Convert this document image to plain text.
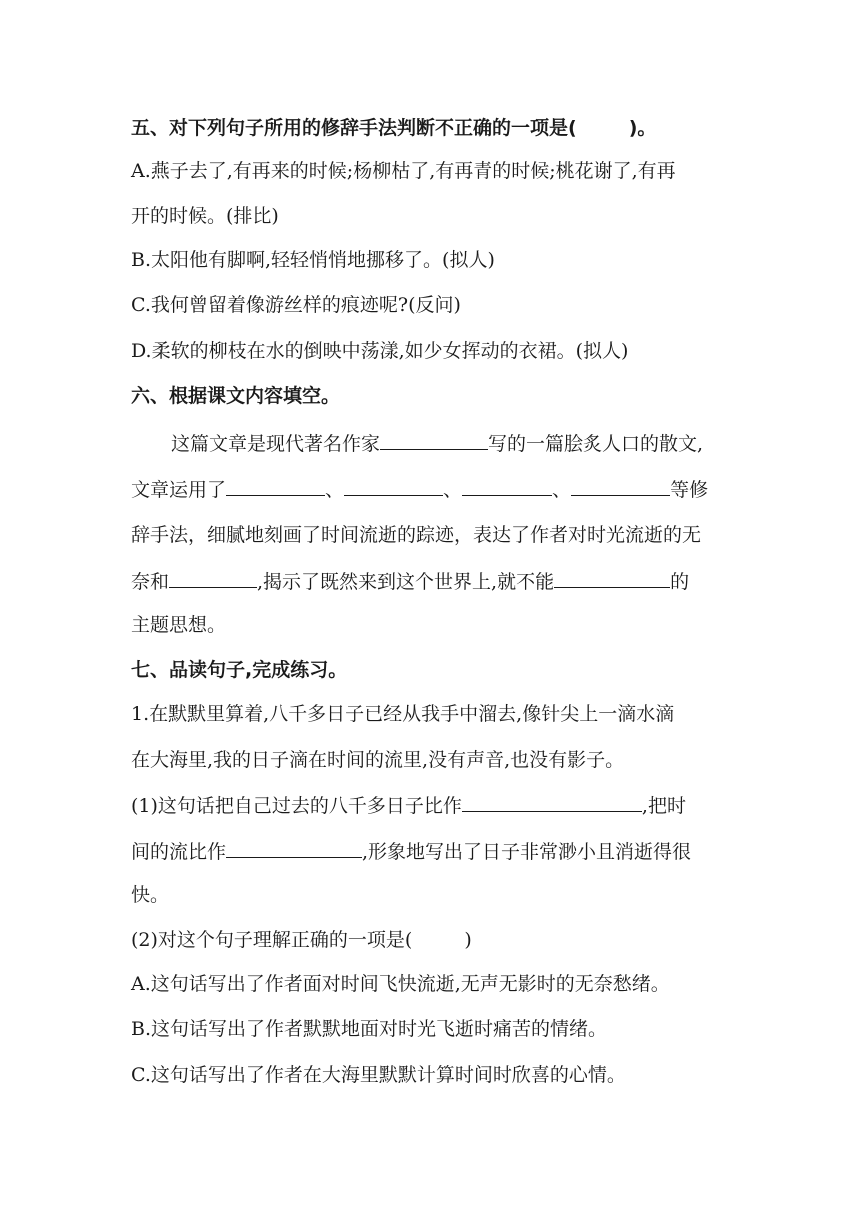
五、对下列句子所用的修辞手法判断不正确的一项是(	)。
A.燕子去了,有再来的时候;杨柳枯了,有再青的时候;桃花谢了,有再
开的时候。(排比)
B.太阳他有脚啊,轻轻悄悄地挪移了。(拟人)
C.我何曾留着像游丝样的痕迹呢?(反问)
D.柔软的柳枝在水的倒映中荡漾,如少女挥动的衣裙。(拟人)
六、根据课文内容填空。
这篇文章是现代著名作家	写的一篇脍炙人口的散文,
文章运用了	、	、	、	等修
辞手法，细腻地刻画了时间流逝的踪迹，表达了作者对时光流逝的无
奈和	,揭示了既然来到这个世界上,就不能	的
主题思想。
七、品读句子,完成练习。
1.在默默里算着,八千多日子已经从我手中溜去,像针尖上一滴水滴
在大海里,我的日子滴在时间的流里,没有声音,也没有影子。
(1)这句话把自己过去的八千多日子比作	,把时
间的流比作	,形象地写出了日子非常渺小且消逝得很
快。
(2)对这个句子理解正确的一项是(	)
A.这句话写出了作者面对时间飞快流逝,无声无影时的无奈愁绪。
B.这句话写出了作者默默地面对时光飞逝时痛苦的情绪。
C.这句话写出了作者在大海里默默计算时间时欣喜的心情。
